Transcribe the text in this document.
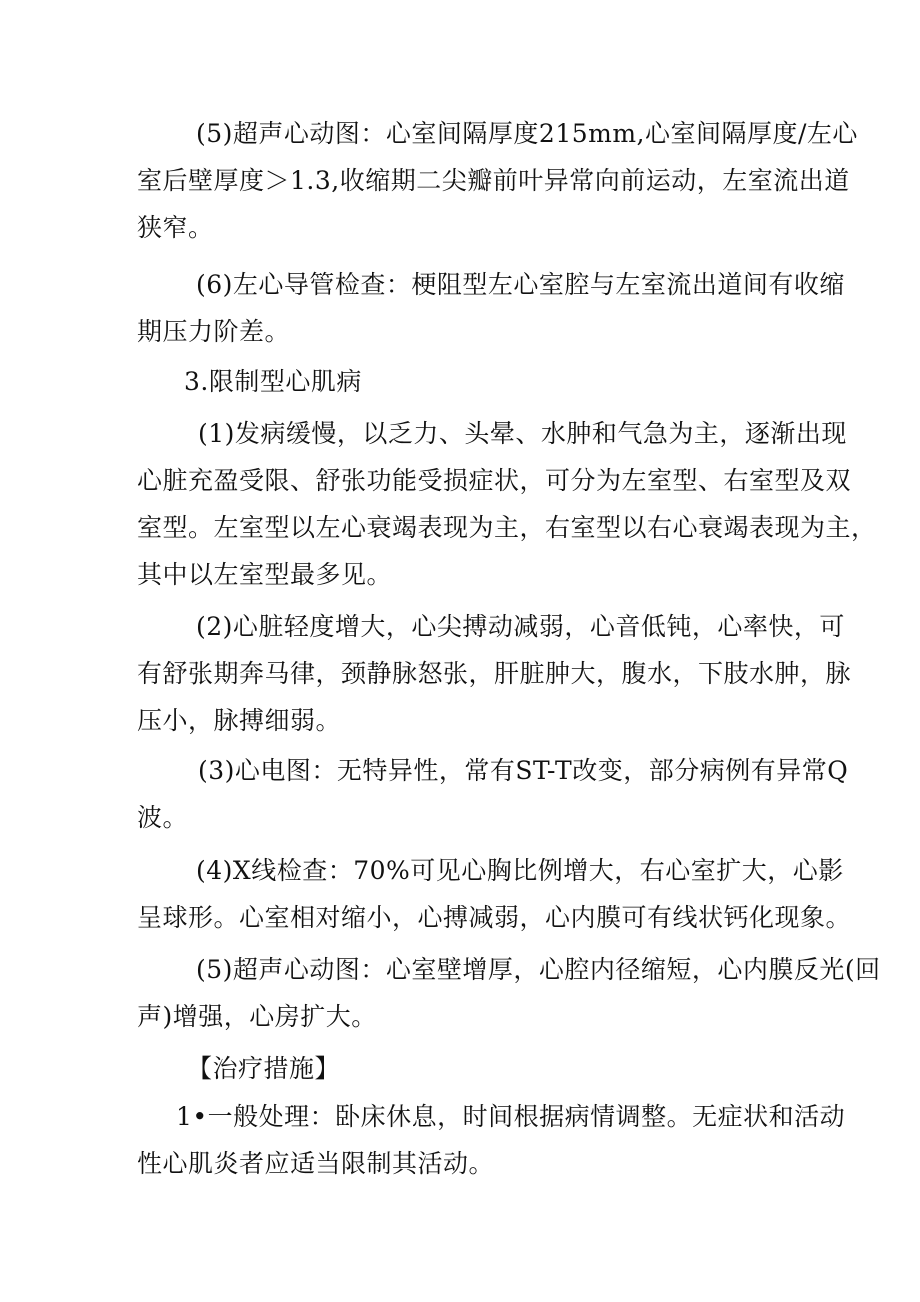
(5)超声心动图：心室间隔厚度215mm,心室间隔厚度/左心
室后壁厚度＞1.3,收缩期二尖瓣前叶异常向前运动，左室流出道
狭窄。
(6)左心导管检查：梗阻型左心室腔与左室流出道间有收缩
期压力阶差。
3.限制型心肌病
(1)发病缓慢，以乏力、头晕、水肿和气急为主，逐渐出现
心脏充盈受限、舒张功能受损症状，可分为左室型、右室型及双
室型。左室型以左心衰竭表现为主，右室型以右心衰竭表现为主，
其中以左室型最多见。
(2)心脏轻度增大，心尖搏动减弱，心音低钝，心率快，可
有舒张期奔马律，颈静脉怒张，肝脏肿大，腹水，下肢水肿，脉
压小，脉搏细弱。
(3)心电图：无特异性，常有ST-T改变，部分病例有异常Q
波。
(4)X线检查：70%可见心胸比例增大，右心室扩大，心影
呈球形。心室相对缩小，心搏减弱，心内膜可有线状钙化现象。
(5)超声心动图：心室壁增厚，心腔内径缩短，心内膜反光(回
声)增强，心房扩大。
【治疗措施】
1•一般处理：卧床休息，时间根据病情调整。无症状和活动
性心肌炎者应适当限制其活动。
